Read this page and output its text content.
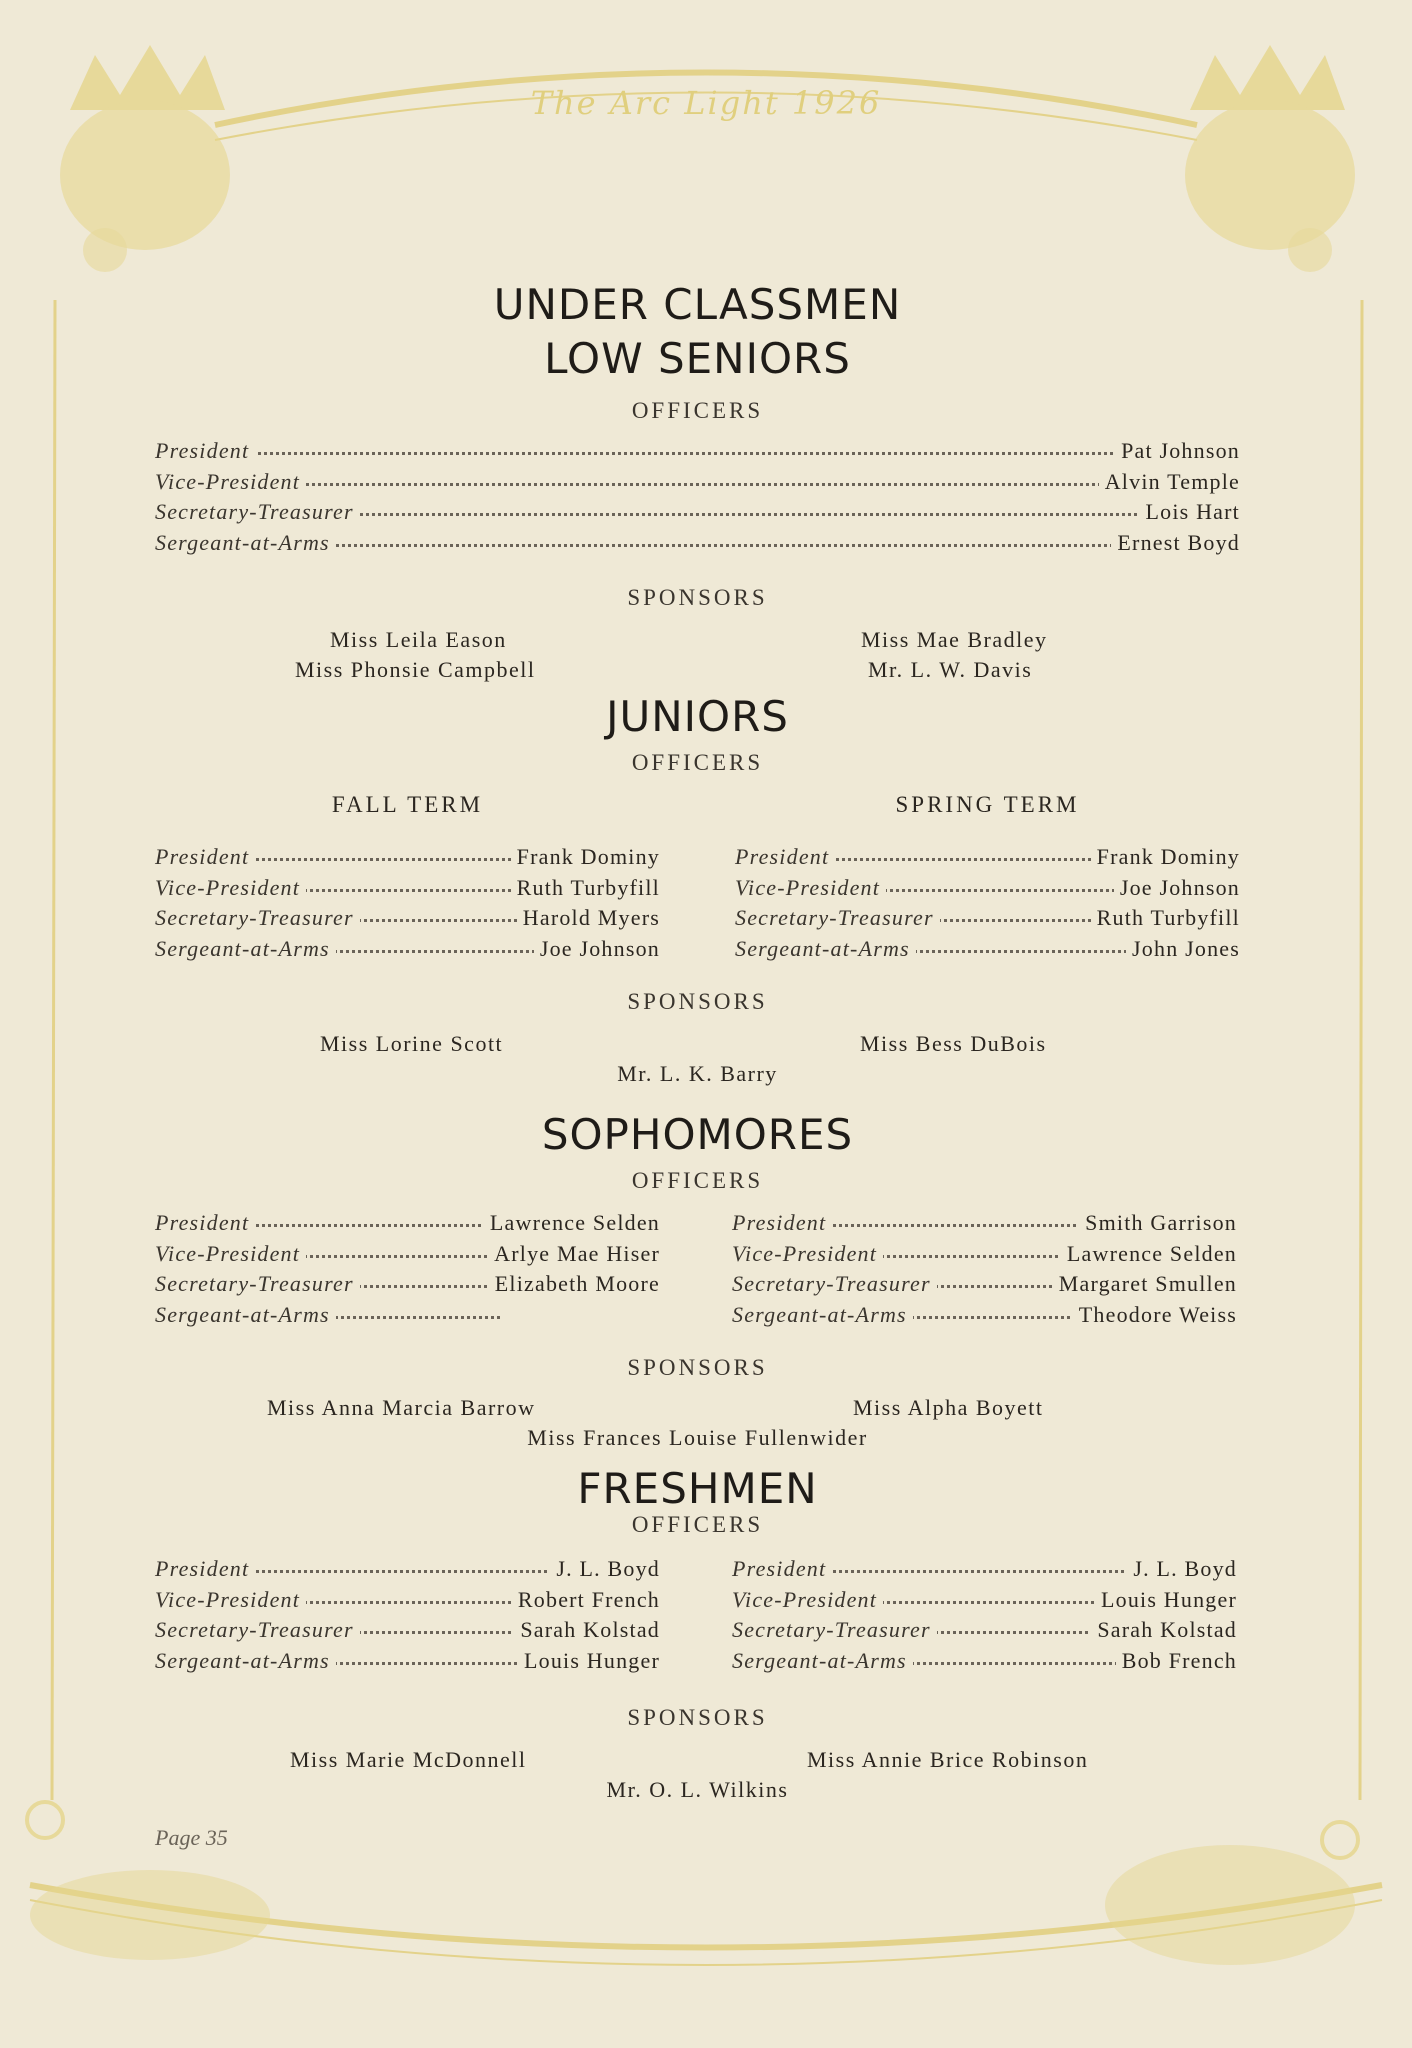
The Arc Light 1926
UNDER CLASSMEN
LOW SENIORS
OFFICERS
President	Pat Johnson
Vice-President	Alvin Temple
Secretary-Treasurer	Lois Hart
Sergeant-at-Arms	Ernest Boyd
SPONSORS
Miss Leila Eason	Miss Mae Bradley
Miss Phonsie Campbell	Mr. L. W. Davis
JUNIORS
OFFICERS
FALL TERM	SPRING TERM
President	Frank Dominy
Vice-President	Ruth Turbyfill
Secretary-Treasurer	Harold Myers
Sergeant-at-Arms	Joe Johnson
President	Frank Dominy
Vice-President	Joe Johnson
Secretary-Treasurer	Ruth Turbyfill
Sergeant-at-Arms	John Jones
SPONSORS
Miss Lorine Scott	Miss Bess DuBois
Mr. L. K. Barry
SOPHOMORES
OFFICERS
President	Lawrence Selden
Vice-President	Arlye Mae Hiser
Secretary-Treasurer	Elizabeth Moore
Sergeant-at-Arms
President	Smith Garrison
Vice-President	Lawrence Selden
Secretary-Treasurer	Margaret Smullen
Sergeant-at-Arms	Theodore Weiss
SPONSORS
Miss Anna Marcia Barrow	Miss Alpha Boyett
Miss Frances Louise Fullenwider
FRESHMEN
OFFICERS
President	J. L. Boyd
Vice-President	Robert French
Secretary-Treasurer	Sarah Kolstad
Sergeant-at-Arms	Louis Hunger
President	J. L. Boyd
Vice-President	Louis Hunger
Secretary-Treasurer	Sarah Kolstad
Sergeant-at-Arms	Bob French
SPONSORS
Miss Marie McDonnell	Miss Annie Brice Robinson
Mr. O. L. Wilkins
Page 35
